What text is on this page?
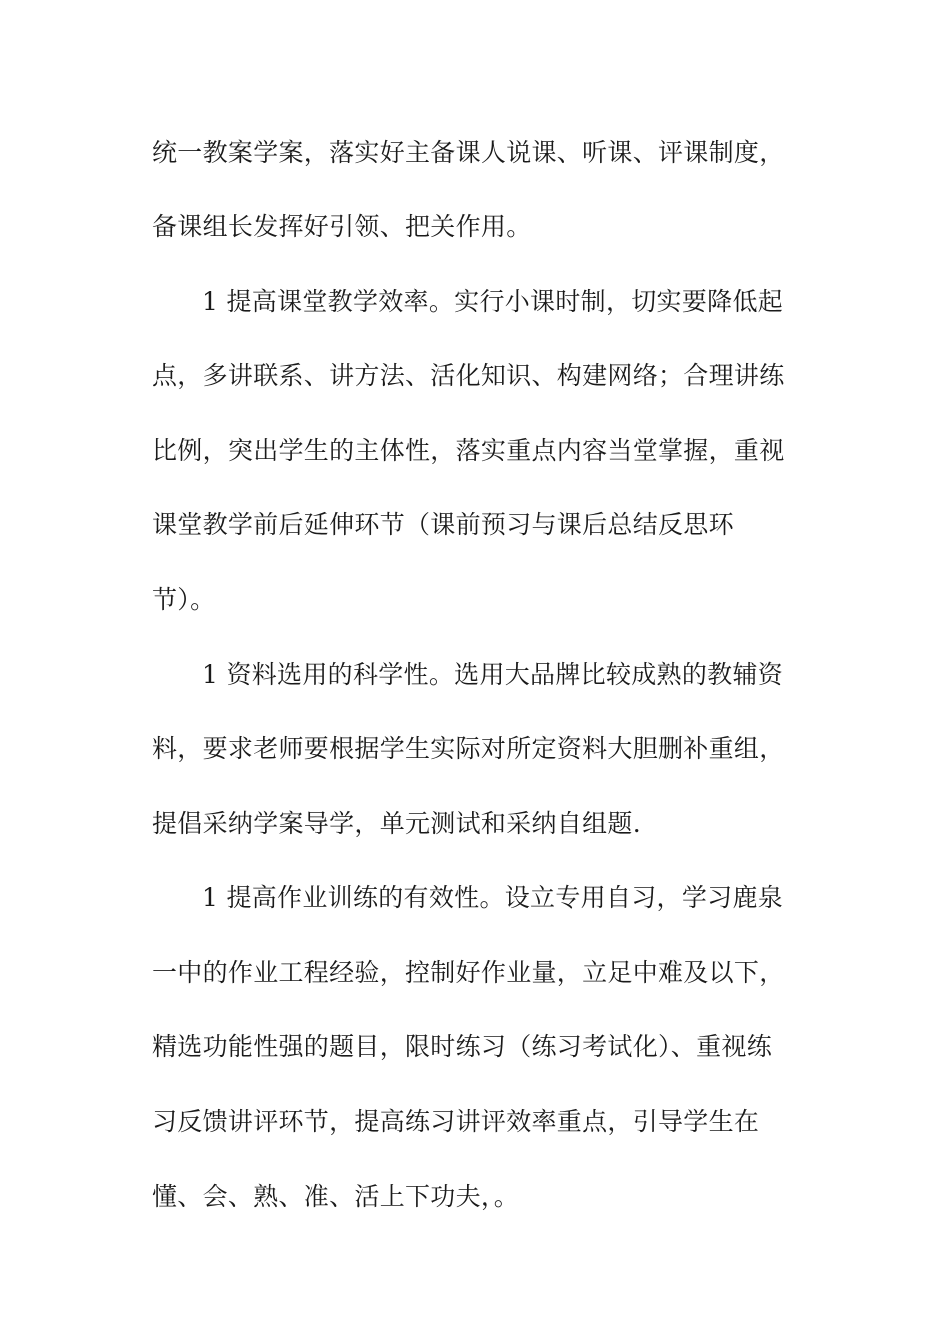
统一教案学案，落实好主备课人说课、听课、评课制度，
备课组长发挥好引领、把关作用。
1 提高课堂教学效率。实行小课时制，切实要降低起
点，多讲联系、讲方法、活化知识、构建网络；合理讲练
比例，突出学生的主体性，落实重点内容当堂掌握，重视
课堂教学前后延伸环节（课前预习与课后总结反思环
节）。
1 资料选用的科学性。选用大品牌比较成熟的教辅资
料，要求老师要根据学生实际对所定资料大胆删补重组，
提倡采纳学案导学，单元测试和采纳自组题.
1 提高作业训练的有效性。设立专用自习，学习鹿泉
一中的作业工程经验，控制好作业量，立足中难及以下，
精选功能性强的题目，限时练习（练习考试化）、重视练
习反馈讲评环节，提高练习讲评效率重点，引导学生在
懂、会、熟、准、活上下功夫，。
